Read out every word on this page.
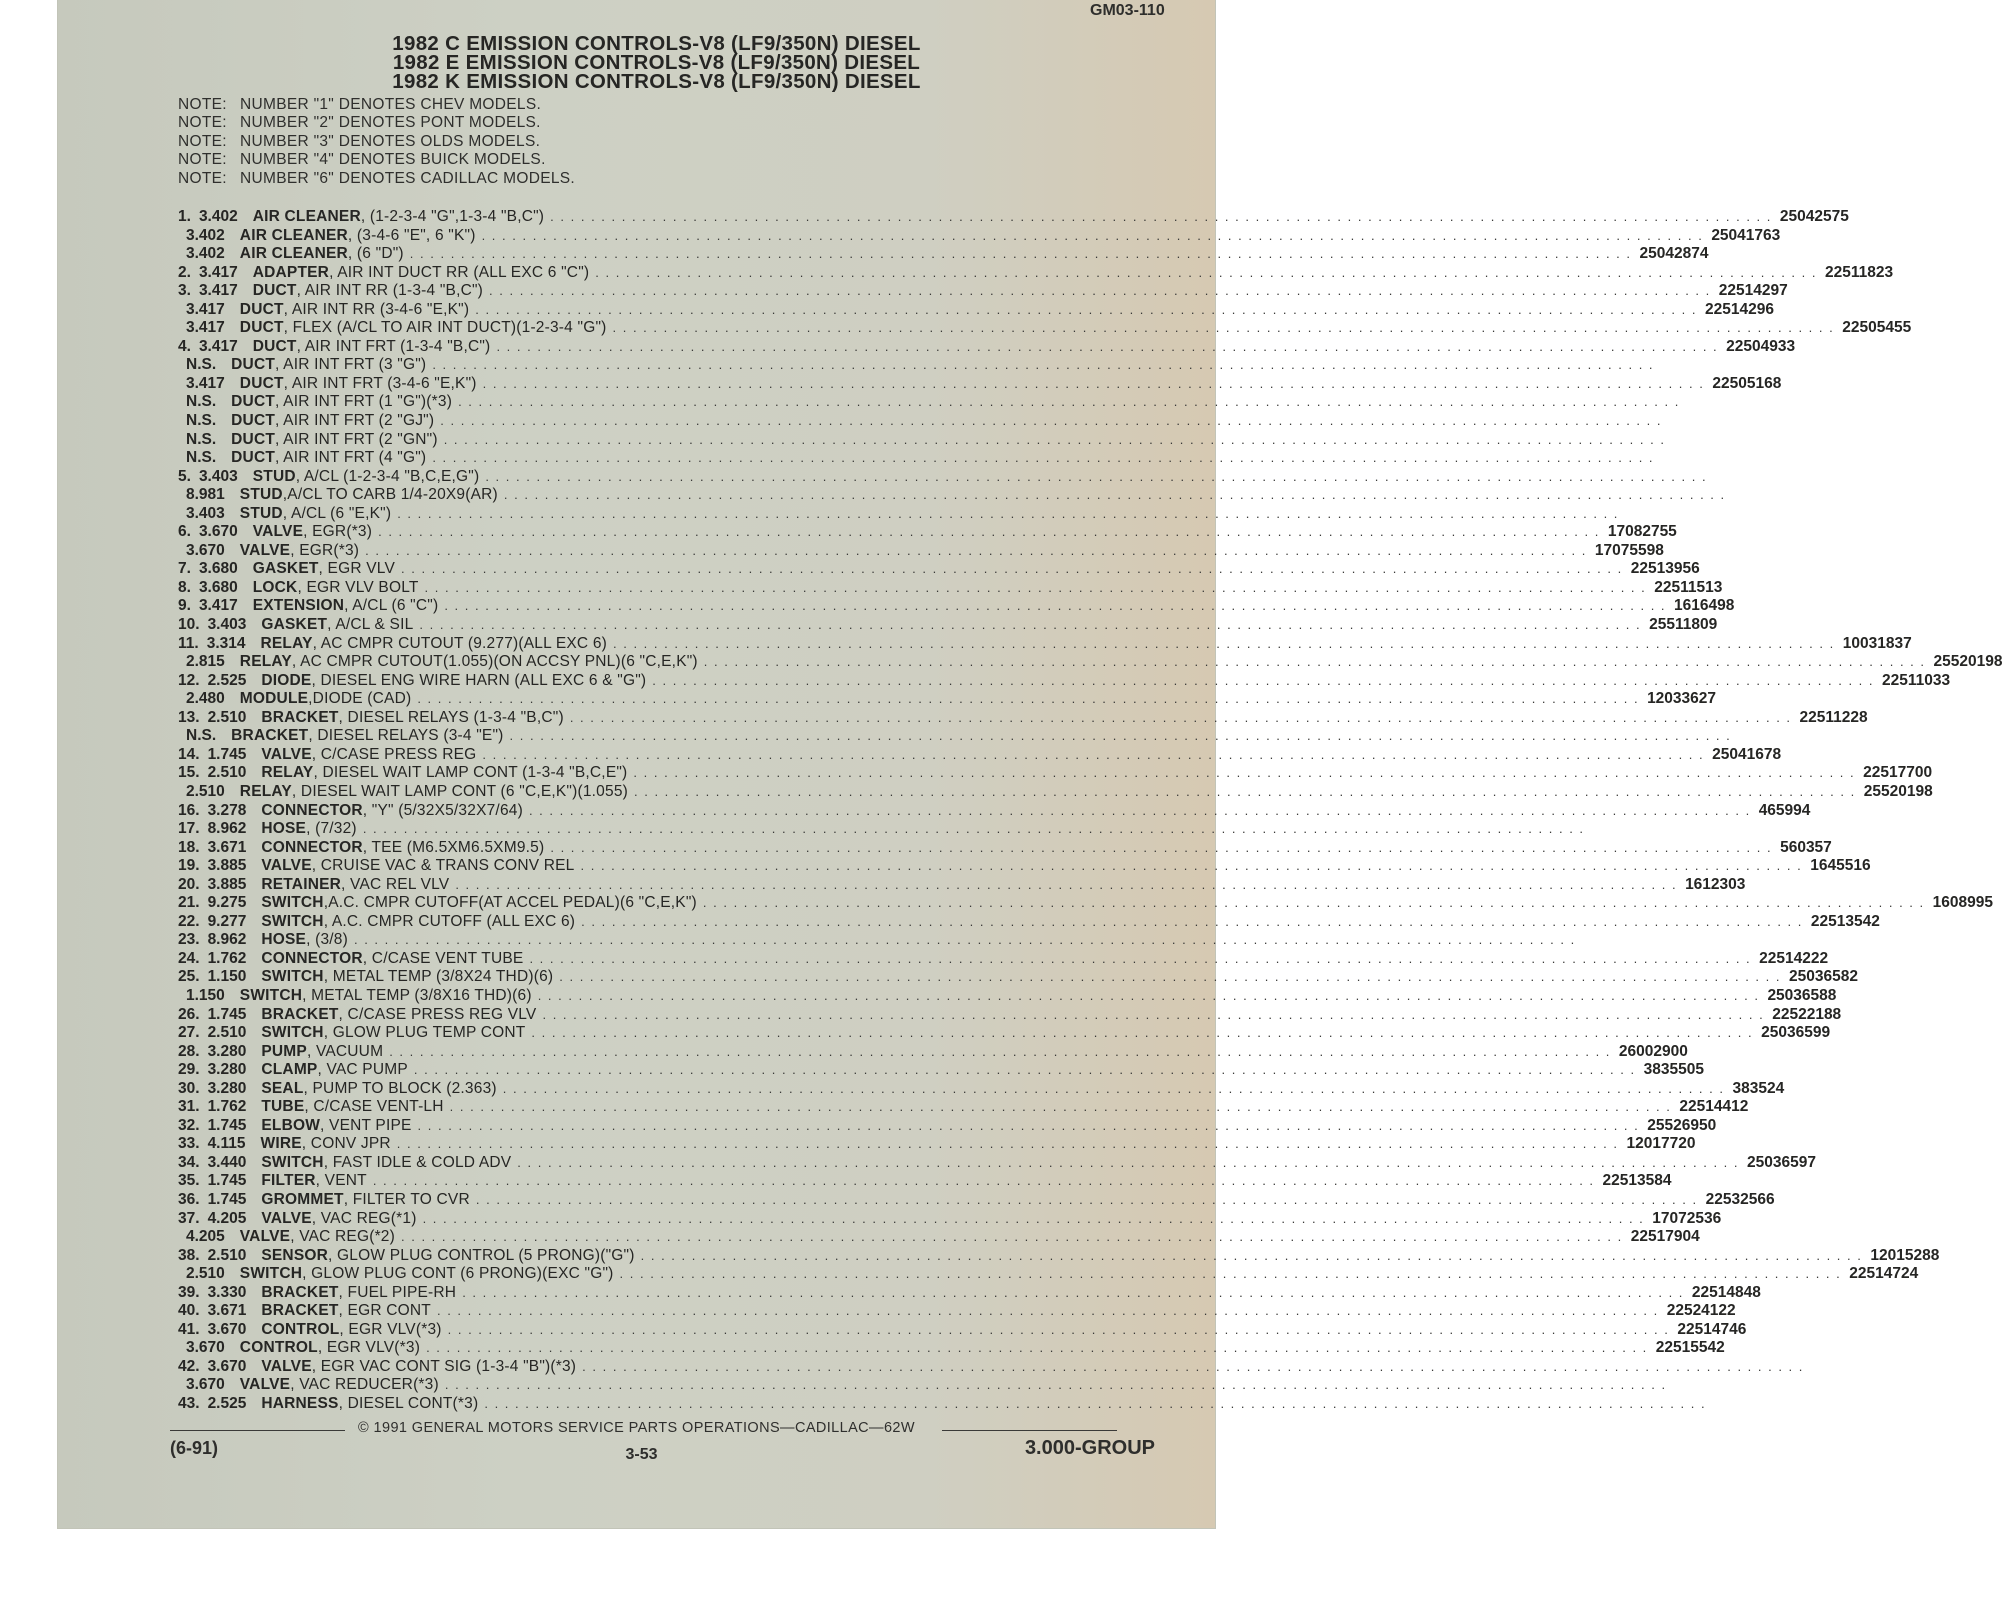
GM03-110
1982 C EMISSION CONTROLS-V8 (LF9/350N) DIESEL
1982 E EMISSION CONTROLS-V8 (LF9/350N) DIESEL
1982 K EMISSION CONTROLS-V8 (LF9/350N) DIESEL
NOTE: NUMBER "1" DENOTES CHEV MODELS.
NOTE: NUMBER "2" DENOTES PONT MODELS.
NOTE: NUMBER "3" DENOTES OLDS MODELS.
NOTE: NUMBER "4" DENOTES BUICK MODELS.
NOTE: NUMBER "6" DENOTES CADILLAC MODELS.
1. 3.402 AIR CLEANER , (1-2-3-4 "G",1-3-4 "B,C") . . . . . . . . . . . . . . . . . . . . . . . . . . . . . . . . . . . . . . . . . . . . . . . . . . . . . . . . . . . . . . . . . . . . . . . . . . . . . . . . . . . . . . . . . . . . . . . . . . . . . . . . . . . . . . . . . . . . . . . . 25042575
3.402 AIR CLEANER , (3-4-6 "E", 6 "K") . . . . . . . . . . . . . . . . . . . . . . . . . . . . . . . . . . . . . . . . . . . . . . . . . . . . . . . . . . . . . . . . . . . . . . . . . . . . . . . . . . . . . . . . . . . . . . . . . . . . . . . . . . . . . . . . . . . . . . . . 25041763
3.402 AIR CLEANER , (6 "D") . . . . . . . . . . . . . . . . . . . . . . . . . . . . . . . . . . . . . . . . . . . . . . . . . . . . . . . . . . . . . . . . . . . . . . . . . . . . . . . . . . . . . . . . . . . . . . . . . . . . . . . . . . . . . . . . . . . . . . . . 25042874
2. 3.417 ADAPTER , AIR INT DUCT RR (ALL EXC 6 "C") . . . . . . . . . . . . . . . . . . . . . . . . . . . . . . . . . . . . . . . . . . . . . . . . . . . . . . . . . . . . . . . . . . . . . . . . . . . . . . . . . . . . . . . . . . . . . . . . . . . . . . . . . . . . . . . . . . . . . . . . 22511823
3. 3.417 DUCT , AIR INT RR (1-3-4 "B,C") . . . . . . . . . . . . . . . . . . . . . . . . . . . . . . . . . . . . . . . . . . . . . . . . . . . . . . . . . . . . . . . . . . . . . . . . . . . . . . . . . . . . . . . . . . . . . . . . . . . . . . . . . . . . . . . . . . . . . . . . 22514297
3.417 DUCT , AIR INT RR (3-4-6 "E,K") . . . . . . . . . . . . . . . . . . . . . . . . . . . . . . . . . . . . . . . . . . . . . . . . . . . . . . . . . . . . . . . . . . . . . . . . . . . . . . . . . . . . . . . . . . . . . . . . . . . . . . . . . . . . . . . . . . . . . . . . 22514296
3.417 DUCT , FLEX (A/CL TO AIR INT DUCT)(1-2-3-4 "G") . . . . . . . . . . . . . . . . . . . . . . . . . . . . . . . . . . . . . . . . . . . . . . . . . . . . . . . . . . . . . . . . . . . . . . . . . . . . . . . . . . . . . . . . . . . . . . . . . . . . . . . . . . . . . . . . . . . . . . . . 22505455
4. 3.417 DUCT , AIR INT FRT (1-3-4 "B,C") . . . . . . . . . . . . . . . . . . . . . . . . . . . . . . . . . . . . . . . . . . . . . . . . . . . . . . . . . . . . . . . . . . . . . . . . . . . . . . . . . . . . . . . . . . . . . . . . . . . . . . . . . . . . . . . . . . . . . . . . 22504933
N.S. DUCT , AIR INT FRT (3 "G") . . . . . . . . . . . . . . . . . . . . . . . . . . . . . . . . . . . . . . . . . . . . . . . . . . . . . . . . . . . . . . . . . . . . . . . . . . . . . . . . . . . . . . . . . . . . . . . . . . . . . . . . . . . . . . . . . . . . . . . .
3.417 DUCT , AIR INT FRT (3-4-6 "E,K") . . . . . . . . . . . . . . . . . . . . . . . . . . . . . . . . . . . . . . . . . . . . . . . . . . . . . . . . . . . . . . . . . . . . . . . . . . . . . . . . . . . . . . . . . . . . . . . . . . . . . . . . . . . . . . . . . . . . . . . . 22505168
N.S. DUCT , AIR INT FRT (1 "G")(*3) . . . . . . . . . . . . . . . . . . . . . . . . . . . . . . . . . . . . . . . . . . . . . . . . . . . . . . . . . . . . . . . . . . . . . . . . . . . . . . . . . . . . . . . . . . . . . . . . . . . . . . . . . . . . . . . . . . . . . . . .
N.S. DUCT , AIR INT FRT (2 "GJ") . . . . . . . . . . . . . . . . . . . . . . . . . . . . . . . . . . . . . . . . . . . . . . . . . . . . . . . . . . . . . . . . . . . . . . . . . . . . . . . . . . . . . . . . . . . . . . . . . . . . . . . . . . . . . . . . . . . . . . . .
N.S. DUCT , AIR INT FRT (2 "GN") . . . . . . . . . . . . . . . . . . . . . . . . . . . . . . . . . . . . . . . . . . . . . . . . . . . . . . . . . . . . . . . . . . . . . . . . . . . . . . . . . . . . . . . . . . . . . . . . . . . . . . . . . . . . . . . . . . . . . . . .
N.S. DUCT , AIR INT FRT (4 "G") . . . . . . . . . . . . . . . . . . . . . . . . . . . . . . . . . . . . . . . . . . . . . . . . . . . . . . . . . . . . . . . . . . . . . . . . . . . . . . . . . . . . . . . . . . . . . . . . . . . . . . . . . . . . . . . . . . . . . . . .
5. 3.403 STUD , A/CL (1-2-3-4 "B,C,E,G") . . . . . . . . . . . . . . . . . . . . . . . . . . . . . . . . . . . . . . . . . . . . . . . . . . . . . . . . . . . . . . . . . . . . . . . . . . . . . . . . . . . . . . . . . . . . . . . . . . . . . . . . . . . . . . . . . . . . . . . .
8.981 STUD ,A/CL TO CARB 1/4-20X9(AR) . . . . . . . . . . . . . . . . . . . . . . . . . . . . . . . . . . . . . . . . . . . . . . . . . . . . . . . . . . . . . . . . . . . . . . . . . . . . . . . . . . . . . . . . . . . . . . . . . . . . . . . . . . . . . . . . . . . . . . . .
3.403 STUD , A/CL (6 "E,K") . . . . . . . . . . . . . . . . . . . . . . . . . . . . . . . . . . . . . . . . . . . . . . . . . . . . . . . . . . . . . . . . . . . . . . . . . . . . . . . . . . . . . . . . . . . . . . . . . . . . . . . . . . . . . . . . . . . . . . . .
6. 3.670 VALVE , EGR(*3) . . . . . . . . . . . . . . . . . . . . . . . . . . . . . . . . . . . . . . . . . . . . . . . . . . . . . . . . . . . . . . . . . . . . . . . . . . . . . . . . . . . . . . . . . . . . . . . . . . . . . . . . . . . . . . . . . . . . . . . . 17082755
3.670 VALVE , EGR(*3) . . . . . . . . . . . . . . . . . . . . . . . . . . . . . . . . . . . . . . . . . . . . . . . . . . . . . . . . . . . . . . . . . . . . . . . . . . . . . . . . . . . . . . . . . . . . . . . . . . . . . . . . . . . . . . . . . . . . . . . . 17075598
7. 3.680 GASKET , EGR VLV . . . . . . . . . . . . . . . . . . . . . . . . . . . . . . . . . . . . . . . . . . . . . . . . . . . . . . . . . . . . . . . . . . . . . . . . . . . . . . . . . . . . . . . . . . . . . . . . . . . . . . . . . . . . . . . . . . . . . . . . 22513956
8. 3.680 LOCK , EGR VLV BOLT . . . . . . . . . . . . . . . . . . . . . . . . . . . . . . . . . . . . . . . . . . . . . . . . . . . . . . . . . . . . . . . . . . . . . . . . . . . . . . . . . . . . . . . . . . . . . . . . . . . . . . . . . . . . . . . . . . . . . . . . 22511513
9. 3.417 EXTENSION , A/CL (6 "C") . . . . . . . . . . . . . . . . . . . . . . . . . . . . . . . . . . . . . . . . . . . . . . . . . . . . . . . . . . . . . . . . . . . . . . . . . . . . . . . . . . . . . . . . . . . . . . . . . . . . . . . . . . . . . . . . . . . . . . . . 1616498
10. 3.403 GASKET , A/CL & SIL . . . . . . . . . . . . . . . . . . . . . . . . . . . . . . . . . . . . . . . . . . . . . . . . . . . . . . . . . . . . . . . . . . . . . . . . . . . . . . . . . . . . . . . . . . . . . . . . . . . . . . . . . . . . . . . . . . . . . . . . 25511809
11. 3.314 RELAY , AC CMPR CUTOUT (9.277)(ALL EXC 6) . . . . . . . . . . . . . . . . . . . . . . . . . . . . . . . . . . . . . . . . . . . . . . . . . . . . . . . . . . . . . . . . . . . . . . . . . . . . . . . . . . . . . . . . . . . . . . . . . . . . . . . . . . . . . . . . . . . . . . . . 10031837
2.815 RELAY , AC CMPR CUTOUT(1.055)(ON ACCSY PNL)(6 "C,E,K") . . . . . . . . . . . . . . . . . . . . . . . . . . . . . . . . . . . . . . . . . . . . . . . . . . . . . . . . . . . . . . . . . . . . . . . . . . . . . . . . . . . . . . . . . . . . . . . . . . . . . . . . . . . . . . . . . . . . . . . . 25520198
12. 2.525 DIODE , DIESEL ENG WIRE HARN (ALL EXC 6 & "G") . . . . . . . . . . . . . . . . . . . . . . . . . . . . . . . . . . . . . . . . . . . . . . . . . . . . . . . . . . . . . . . . . . . . . . . . . . . . . . . . . . . . . . . . . . . . . . . . . . . . . . . . . . . . . . . . . . . . . . . . 22511033
2.480 MODULE ,DIODE (CAD) . . . . . . . . . . . . . . . . . . . . . . . . . . . . . . . . . . . . . . . . . . . . . . . . . . . . . . . . . . . . . . . . . . . . . . . . . . . . . . . . . . . . . . . . . . . . . . . . . . . . . . . . . . . . . . . . . . . . . . . . 12033627
13. 2.510 BRACKET , DIESEL RELAYS (1-3-4 "B,C") . . . . . . . . . . . . . . . . . . . . . . . . . . . . . . . . . . . . . . . . . . . . . . . . . . . . . . . . . . . . . . . . . . . . . . . . . . . . . . . . . . . . . . . . . . . . . . . . . . . . . . . . . . . . . . . . . . . . . . . . 22511228
N.S. BRACKET , DIESEL RELAYS (3-4 "E") . . . . . . . . . . . . . . . . . . . . . . . . . . . . . . . . . . . . . . . . . . . . . . . . . . . . . . . . . . . . . . . . . . . . . . . . . . . . . . . . . . . . . . . . . . . . . . . . . . . . . . . . . . . . . . . . . . . . . . . .
14. 1.745 VALVE , C/CASE PRESS REG . . . . . . . . . . . . . . . . . . . . . . . . . . . . . . . . . . . . . . . . . . . . . . . . . . . . . . . . . . . . . . . . . . . . . . . . . . . . . . . . . . . . . . . . . . . . . . . . . . . . . . . . . . . . . . . . . . . . . . . . 25041678
15. 2.510 RELAY , DIESEL WAIT LAMP CONT (1-3-4 "B,C,E") . . . . . . . . . . . . . . . . . . . . . . . . . . . . . . . . . . . . . . . . . . . . . . . . . . . . . . . . . . . . . . . . . . . . . . . . . . . . . . . . . . . . . . . . . . . . . . . . . . . . . . . . . . . . . . . . . . . . . . . . 22517700
2.510 RELAY , DIESEL WAIT LAMP CONT (6 "C,E,K")(1.055) . . . . . . . . . . . . . . . . . . . . . . . . . . . . . . . . . . . . . . . . . . . . . . . . . . . . . . . . . . . . . . . . . . . . . . . . . . . . . . . . . . . . . . . . . . . . . . . . . . . . . . . . . . . . . . . . . . . . . . . . 25520198
16. 3.278 CONNECTOR , "Y" (5/32X5/32X7/64) . . . . . . . . . . . . . . . . . . . . . . . . . . . . . . . . . . . . . . . . . . . . . . . . . . . . . . . . . . . . . . . . . . . . . . . . . . . . . . . . . . . . . . . . . . . . . . . . . . . . . . . . . . . . . . . . . . . . . . . . 465994
17. 8.962 HOSE , (7/32) . . . . . . . . . . . . . . . . . . . . . . . . . . . . . . . . . . . . . . . . . . . . . . . . . . . . . . . . . . . . . . . . . . . . . . . . . . . . . . . . . . . . . . . . . . . . . . . . . . . . . . . . . . . . . . . . . . . . . . . .
18. 3.671 CONNECTOR , TEE (M6.5XM6.5XM9.5) . . . . . . . . . . . . . . . . . . . . . . . . . . . . . . . . . . . . . . . . . . . . . . . . . . . . . . . . . . . . . . . . . . . . . . . . . . . . . . . . . . . . . . . . . . . . . . . . . . . . . . . . . . . . . . . . . . . . . . . . 560357
19. 3.885 VALVE , CRUISE VAC & TRANS CONV REL . . . . . . . . . . . . . . . . . . . . . . . . . . . . . . . . . . . . . . . . . . . . . . . . . . . . . . . . . . . . . . . . . . . . . . . . . . . . . . . . . . . . . . . . . . . . . . . . . . . . . . . . . . . . . . . . . . . . . . . . 1645516
20. 3.885 RETAINER , VAC REL VLV . . . . . . . . . . . . . . . . . . . . . . . . . . . . . . . . . . . . . . . . . . . . . . . . . . . . . . . . . . . . . . . . . . . . . . . . . . . . . . . . . . . . . . . . . . . . . . . . . . . . . . . . . . . . . . . . . . . . . . . . 1612303
21. 9.275 SWITCH ,A.C. CMPR CUTOFF(AT ACCEL PEDAL)(6 "C,E,K") . . . . . . . . . . . . . . . . . . . . . . . . . . . . . . . . . . . . . . . . . . . . . . . . . . . . . . . . . . . . . . . . . . . . . . . . . . . . . . . . . . . . . . . . . . . . . . . . . . . . . . . . . . . . . . . . . . . . . . . . 1608995
22. 9.277 SWITCH , A.C. CMPR CUTOFF (ALL EXC 6) . . . . . . . . . . . . . . . . . . . . . . . . . . . . . . . . . . . . . . . . . . . . . . . . . . . . . . . . . . . . . . . . . . . . . . . . . . . . . . . . . . . . . . . . . . . . . . . . . . . . . . . . . . . . . . . . . . . . . . . . 22513542
23. 8.962 HOSE , (3/8) . . . . . . . . . . . . . . . . . . . . . . . . . . . . . . . . . . . . . . . . . . . . . . . . . . . . . . . . . . . . . . . . . . . . . . . . . . . . . . . . . . . . . . . . . . . . . . . . . . . . . . . . . . . . . . . . . . . . . . . .
24. 1.762 CONNECTOR , C/CASE VENT TUBE . . . . . . . . . . . . . . . . . . . . . . . . . . . . . . . . . . . . . . . . . . . . . . . . . . . . . . . . . . . . . . . . . . . . . . . . . . . . . . . . . . . . . . . . . . . . . . . . . . . . . . . . . . . . . . . . . . . . . . . . 22514222
25. 1.150 SWITCH , METAL TEMP (3/8X24 THD)(6) . . . . . . . . . . . . . . . . . . . . . . . . . . . . . . . . . . . . . . . . . . . . . . . . . . . . . . . . . . . . . . . . . . . . . . . . . . . . . . . . . . . . . . . . . . . . . . . . . . . . . . . . . . . . . . . . . . . . . . . . 25036582
1.150 SWITCH , METAL TEMP (3/8X16 THD)(6) . . . . . . . . . . . . . . . . . . . . . . . . . . . . . . . . . . . . . . . . . . . . . . . . . . . . . . . . . . . . . . . . . . . . . . . . . . . . . . . . . . . . . . . . . . . . . . . . . . . . . . . . . . . . . . . . . . . . . . . . 25036588
26. 1.745 BRACKET , C/CASE PRESS REG VLV . . . . . . . . . . . . . . . . . . . . . . . . . . . . . . . . . . . . . . . . . . . . . . . . . . . . . . . . . . . . . . . . . . . . . . . . . . . . . . . . . . . . . . . . . . . . . . . . . . . . . . . . . . . . . . . . . . . . . . . . 22522188
27. 2.510 SWITCH , GLOW PLUG TEMP CONT . . . . . . . . . . . . . . . . . . . . . . . . . . . . . . . . . . . . . . . . . . . . . . . . . . . . . . . . . . . . . . . . . . . . . . . . . . . . . . . . . . . . . . . . . . . . . . . . . . . . . . . . . . . . . . . . . . . . . . . . 25036599
28. 3.280 PUMP , VACUUM . . . . . . . . . . . . . . . . . . . . . . . . . . . . . . . . . . . . . . . . . . . . . . . . . . . . . . . . . . . . . . . . . . . . . . . . . . . . . . . . . . . . . . . . . . . . . . . . . . . . . . . . . . . . . . . . . . . . . . . . 26002900
29. 3.280 CLAMP , VAC PUMP . . . . . . . . . . . . . . . . . . . . . . . . . . . . . . . . . . . . . . . . . . . . . . . . . . . . . . . . . . . . . . . . . . . . . . . . . . . . . . . . . . . . . . . . . . . . . . . . . . . . . . . . . . . . . . . . . . . . . . . . 3835505
30. 3.280 SEAL , PUMP TO BLOCK (2.363) . . . . . . . . . . . . . . . . . . . . . . . . . . . . . . . . . . . . . . . . . . . . . . . . . . . . . . . . . . . . . . . . . . . . . . . . . . . . . . . . . . . . . . . . . . . . . . . . . . . . . . . . . . . . . . . . . . . . . . . . 383524
31. 1.762 TUBE , C/CASE VENT-LH . . . . . . . . . . . . . . . . . . . . . . . . . . . . . . . . . . . . . . . . . . . . . . . . . . . . . . . . . . . . . . . . . . . . . . . . . . . . . . . . . . . . . . . . . . . . . . . . . . . . . . . . . . . . . . . . . . . . . . . . 22514412
32. 1.745 ELBOW , VENT PIPE . . . . . . . . . . . . . . . . . . . . . . . . . . . . . . . . . . . . . . . . . . . . . . . . . . . . . . . . . . . . . . . . . . . . . . . . . . . . . . . . . . . . . . . . . . . . . . . . . . . . . . . . . . . . . . . . . . . . . . . . 25526950
33. 4.115 WIRE , CONV JPR . . . . . . . . . . . . . . . . . . . . . . . . . . . . . . . . . . . . . . . . . . . . . . . . . . . . . . . . . . . . . . . . . . . . . . . . . . . . . . . . . . . . . . . . . . . . . . . . . . . . . . . . . . . . . . . . . . . . . . . . 12017720
34. 3.440 SWITCH , FAST IDLE & COLD ADV . . . . . . . . . . . . . . . . . . . . . . . . . . . . . . . . . . . . . . . . . . . . . . . . . . . . . . . . . . . . . . . . . . . . . . . . . . . . . . . . . . . . . . . . . . . . . . . . . . . . . . . . . . . . . . . . . . . . . . . . 25036597
35. 1.745 FILTER , VENT . . . . . . . . . . . . . . . . . . . . . . . . . . . . . . . . . . . . . . . . . . . . . . . . . . . . . . . . . . . . . . . . . . . . . . . . . . . . . . . . . . . . . . . . . . . . . . . . . . . . . . . . . . . . . . . . . . . . . . . . 22513584
36. 1.745 GROMMET , FILTER TO CVR . . . . . . . . . . . . . . . . . . . . . . . . . . . . . . . . . . . . . . . . . . . . . . . . . . . . . . . . . . . . . . . . . . . . . . . . . . . . . . . . . . . . . . . . . . . . . . . . . . . . . . . . . . . . . . . . . . . . . . . . 22532566
37. 4.205 VALVE , VAC REG(*1) . . . . . . . . . . . . . . . . . . . . . . . . . . . . . . . . . . . . . . . . . . . . . . . . . . . . . . . . . . . . . . . . . . . . . . . . . . . . . . . . . . . . . . . . . . . . . . . . . . . . . . . . . . . . . . . . . . . . . . . . 17072536
4.205 VALVE , VAC REG(*2) . . . . . . . . . . . . . . . . . . . . . . . . . . . . . . . . . . . . . . . . . . . . . . . . . . . . . . . . . . . . . . . . . . . . . . . . . . . . . . . . . . . . . . . . . . . . . . . . . . . . . . . . . . . . . . . . . . . . . . . . 22517904
38. 2.510 SENSOR , GLOW PLUG CONTROL (5 PRONG)("G") . . . . . . . . . . . . . . . . . . . . . . . . . . . . . . . . . . . . . . . . . . . . . . . . . . . . . . . . . . . . . . . . . . . . . . . . . . . . . . . . . . . . . . . . . . . . . . . . . . . . . . . . . . . . . . . . . . . . . . . . 12015288
2.510 SWITCH , GLOW PLUG CONT (6 PRONG)(EXC "G") . . . . . . . . . . . . . . . . . . . . . . . . . . . . . . . . . . . . . . . . . . . . . . . . . . . . . . . . . . . . . . . . . . . . . . . . . . . . . . . . . . . . . . . . . . . . . . . . . . . . . . . . . . . . . . . . . . . . . . . . 22514724
39. 3.330 BRACKET , FUEL PIPE-RH . . . . . . . . . . . . . . . . . . . . . . . . . . . . . . . . . . . . . . . . . . . . . . . . . . . . . . . . . . . . . . . . . . . . . . . . . . . . . . . . . . . . . . . . . . . . . . . . . . . . . . . . . . . . . . . . . . . . . . . . 22514848
40. 3.671 BRACKET , EGR CONT . . . . . . . . . . . . . . . . . . . . . . . . . . . . . . . . . . . . . . . . . . . . . . . . . . . . . . . . . . . . . . . . . . . . . . . . . . . . . . . . . . . . . . . . . . . . . . . . . . . . . . . . . . . . . . . . . . . . . . . . 22524122
41. 3.670 CONTROL , EGR VLV(*3) . . . . . . . . . . . . . . . . . . . . . . . . . . . . . . . . . . . . . . . . . . . . . . . . . . . . . . . . . . . . . . . . . . . . . . . . . . . . . . . . . . . . . . . . . . . . . . . . . . . . . . . . . . . . . . . . . . . . . . . . 22514746
3.670 CONTROL , EGR VLV(*3) . . . . . . . . . . . . . . . . . . . . . . . . . . . . . . . . . . . . . . . . . . . . . . . . . . . . . . . . . . . . . . . . . . . . . . . . . . . . . . . . . . . . . . . . . . . . . . . . . . . . . . . . . . . . . . . . . . . . . . . . 22515542
42. 3.670 VALVE , EGR VAC CONT SIG (1-3-4 "B")(*3) . . . . . . . . . . . . . . . . . . . . . . . . . . . . . . . . . . . . . . . . . . . . . . . . . . . . . . . . . . . . . . . . . . . . . . . . . . . . . . . . . . . . . . . . . . . . . . . . . . . . . . . . . . . . . . . . . . . . . . . .
3.670 VALVE , VAC REDUCER(*3) . . . . . . . . . . . . . . . . . . . . . . . . . . . . . . . . . . . . . . . . . . . . . . . . . . . . . . . . . . . . . . . . . . . . . . . . . . . . . . . . . . . . . . . . . . . . . . . . . . . . . . . . . . . . . . . . . . . . . . . .
43. 2.525 HARNESS , DIESEL CONT(*3) . . . . . . . . . . . . . . . . . . . . . . . . . . . . . . . . . . . . . . . . . . . . . . . . . . . . . . . . . . . . . . . . . . . . . . . . . . . . . . . . . . . . . . . . . . . . . . . . . . . . . . . . . . . . . . . . . . . . . . . .
© 1991 GENERAL MOTORS SERVICE PARTS OPERATIONS—CADILLAC—62W
(6-91)	3-53	3.000-GROUP
